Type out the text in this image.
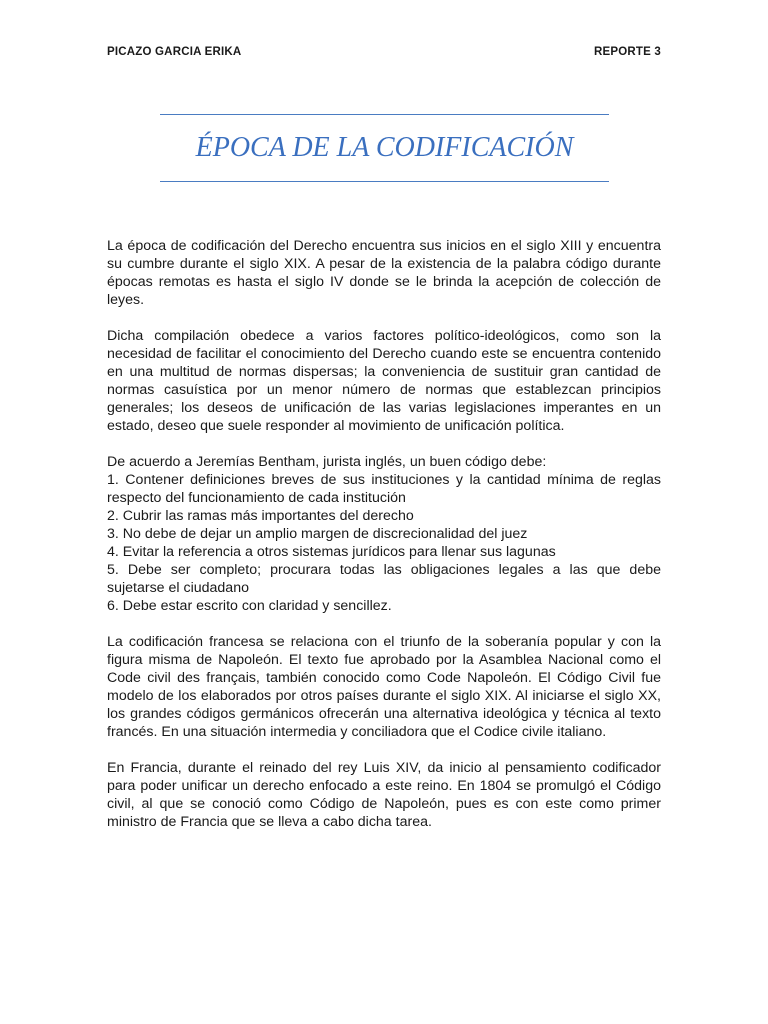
PICAZO GARCIA ERIKA	REPORTE 3
ÉPOCA DE LA CODIFICACIÓN

La época de codificación del Derecho encuentra sus inicios en el siglo XIII y encuentra su cumbre durante el siglo XIX. A pesar de la existencia de la palabra código durante épocas remotas es hasta el siglo IV donde se le brinda la acepción de colección de leyes.

Dicha compilación obedece a varios factores político-ideológicos, como son la necesidad de facilitar el conocimiento del Derecho cuando este se encuentra contenido en una multitud de normas dispersas; la conveniencia de sustituir gran cantidad de normas casuística por un menor número de normas que establezcan principios generales; los deseos de unificación de las varias legislaciones imperantes en un estado, deseo que suele responder al movimiento de unificación política.

De acuerdo a Jeremías Bentham, jurista inglés, un buen código debe:
1. Contener definiciones breves de sus instituciones y la cantidad mínima de reglas respecto del funcionamiento de cada institución
2. Cubrir las ramas más importantes del derecho
3. No debe de dejar un amplio margen de discrecionalidad del juez
4. Evitar la referencia a otros sistemas jurídicos para llenar sus lagunas
5. Debe ser completo; procurara todas las obligaciones legales a las que debe sujetarse el ciudadano
6. Debe estar escrito con claridad y sencillez.

La codificación francesa se relaciona con el triunfo de la soberanía popular y con la figura misma de Napoleón. El texto fue aprobado por la Asamblea Nacional como el Code civil des français, también conocido como Code Napoleón. El Código Civil fue modelo de los elaborados por otros países durante el siglo XIX. Al iniciarse el siglo XX, los grandes códigos germánicos ofrecerán una alternativa ideológica y técnica al texto francés. En una situación intermedia y conciliadora que el Codice civile italiano.

En Francia, durante el reinado del rey Luis XIV, da inicio al pensamiento codificador para poder unificar un derecho enfocado a este reino. En 1804 se promulgó el Código civil, al que se conoció como Código de Napoleón, pues es con este como primer ministro de Francia que se lleva a cabo dicha tarea.
